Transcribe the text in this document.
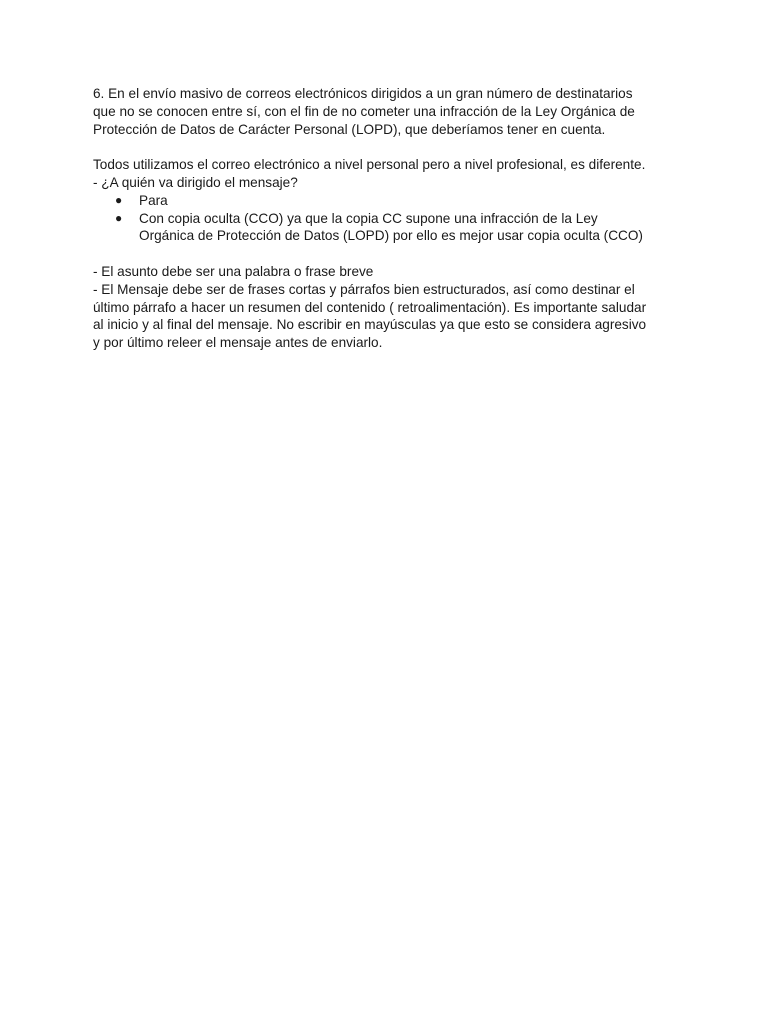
6. En el envío masivo de correos electrónicos dirigidos a un gran número de destinatarios
que no se conocen entre sí, con el fin de no cometer una infracción de la Ley Orgánica de
Protección de Datos de Carácter Personal (LOPD), que deberíamos tener en cuenta.
Todos utilizamos el correo electrónico a nivel personal pero a nivel profesional, es diferente.
- ¿A quién va dirigido el mensaje?
● Para
● Con copia oculta (CCO) ya que la copia CC supone una infracción de la Ley
Orgánica de Protección de Datos (LOPD) por ello es mejor usar copia oculta (CCO)
- El asunto debe ser una palabra o frase breve
- El Mensaje debe ser de frases cortas y párrafos bien estructurados, así como destinar el
último párrafo a hacer un resumen del contenido ( retroalimentación). Es importante saludar
al inicio y al final del mensaje. No escribir en mayúsculas ya que esto se considera agresivo
y por último releer el mensaje antes de enviarlo.
